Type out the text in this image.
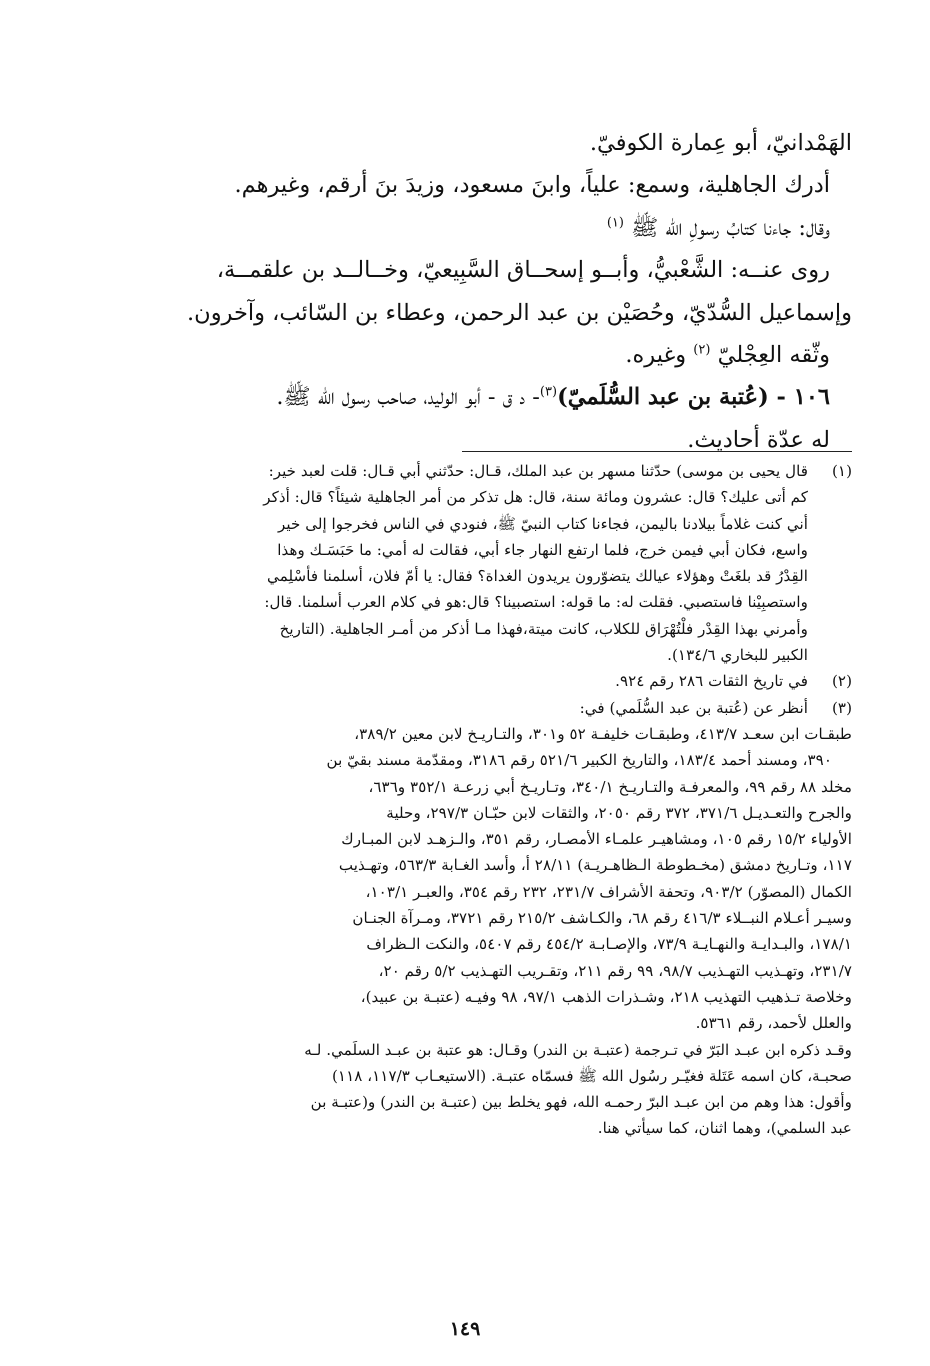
الهَمْدانيّ، أبو عِمارة الكوفيّ.

أدرك الجاهلية، وسمع: علياً، وابنَ مسعود، وزيدَ بنَ أرقم، وغيرهم.

وقال: جاءنا كتابُ رسولِ الله ﷺ $^{(١)}$

روى عنــه: الشَّعْبيُّ، وأبــو إسحــاق السَّبِيعيّ، وخــالــد بن علقمــة،

وإسماعيل السُّدّيّ، وحُصَيْن بن عبد الرحمن، وعطاء بن السّائب، وآخرون.

وثّقه العِجْليّ $^{(٢)}$ وغيره.

١٠٦ - (عُتبة بن عبد السُّلَميّ)$^{(٣)}$- د ق - أبو الوليد، صاحب رسول الله ﷺ.

له عدّة أحاديث.

(١)

قال يحيى بن موسى) حدّثنا مسهر بن عبد الملك، قـال: حدّثني أبي قـال: قلت لعبد خير:

كم أتى عليك؟ قال: عشرون ومائة سنة، قال: هل تذكر من أمر الجاهلية شيئاً؟ قال: أذكر

أني كنت غلاماً بيلادنا باليمن، فجاءنا كتاب النبيّ ﷺ، فنودي في الناس فخرجوا إلى خير

واسع، فكان أبي فيمن خرج، فلما ارتفع النهار جاء أبي، فقالت له أمي: ما حَبَسَـك وهذا

القِدْرُ قد بلغَتْ وهؤلاء عيالك يتضوّرون يريدون الغداة؟ فقال: يا أمّ فلان، أسلمنا فأسْلِمي

واستصبِيْنا فاستصبي. فقلت له: ما قوله: استصبينا؟ قال:هو في كلام العرب أسلمنا. قال:

وأمرني بهذا القِدْر فلْتُهْرَاق للكلاب، كانت ميتة،فهذا مـا أذكر من أمـر الجاهلية. (التاريخ

الكبير للبخاري ١٣٤/٦).

(٢)

في تاريخ الثقات ٢٨٦ رقم ٩٢٤.

(٣)

أنظر عن (عُتبة بن عبد السُّلَمي) في:

طبقـات ابن سعـد ٤١٣/٧، وطبقـات خليفـة ٥٢ و٣٠١، والتـاريـخ لابن معين ٣٨٩/٢،

٣٩٠، ومسند أحمد ١٨٣/٤، والتاريخ الكبير ٥٢١/٦ رقم ٣١٨٦، ومقدّمة مسند بقيّ بن

مخلد ٨٨ رقم ٩٩، والمعرفـة والتـاريـخ ٣٤٠/١، وتـاريـخ أبي زرعـة ٣٥٢/١ و٦٣٦،

والجرح والتعـديـل ٣٧١/٦، ٣٧٢ رقم ٢٠٥٠، والثقات لابن حبّـان ٢٩٧/٣، وحلية

الأولياء ١٥/٢ رقم ١٠٥، ومشاهيـر علمـاء الأمصـار، رقم ٣٥١، والـزهـد لابن المبـارك

١١٧، وتـاريخ دمشق (مخـطوطة الـظاهـريـة) ٢٨/١١ أ، وأسد الغـابة ٥٦٣/٣، وتهـذيب

الكمال (المصوّر) ٩٠٣/٢، وتحفة الأشراف ٢٣١/٧، ٢٣٢ رقم ٣٥٤، والعبـر ١٠٣/١،

وسيـر أعـلام النبــلاء ٤١٦/٣ رقم ٦٨، والكـاشف ٢١٥/٢ رقم ٣٧٢١، ومـرآة الجنـان

١٧٨/١، والبـدايـة والنهـايـة ٧٣/٩، والإصـابـة ٤٥٤/٢ رقم ٥٤٠٧، والنكت الـظراف

٢٣١/٧، وتهـذيب التهـذيب ٩٨/٧، ٩٩ رقم ٢١١، وتقـريب التهـذيب ٥/٢ رقم ٢٠،

وخلاصة تـذهيب التهذيب ٢١٨، وشـذرات الذهب ٩٧/١، ٩٨ وفيـه (عتبـة بن عبيد)،

والعلل لأحمد، رقم ٥٣٦١.

وقـد ذكره ابن عبـد البَرّ في تـرجمة (عتبـة بن الندر) وقـال: هو عتبة بن عبـد السلَمي. لـه

صحبـة، كان اسمه عَتَلة فغيّـر رسُول الله ﷺ فسمّاه عتبـة. (الاستيعـاب ١١٧/٣، ١١٨)

وأقول: هذا وهم من ابن عبـد البرّ رحمـه الله، فهو يخلط بين (عتبـة بن الندر) و(عتبـة بن

عبد السلمي)، وهما اثنان، كما سيأتي هنا.

١٤٩
